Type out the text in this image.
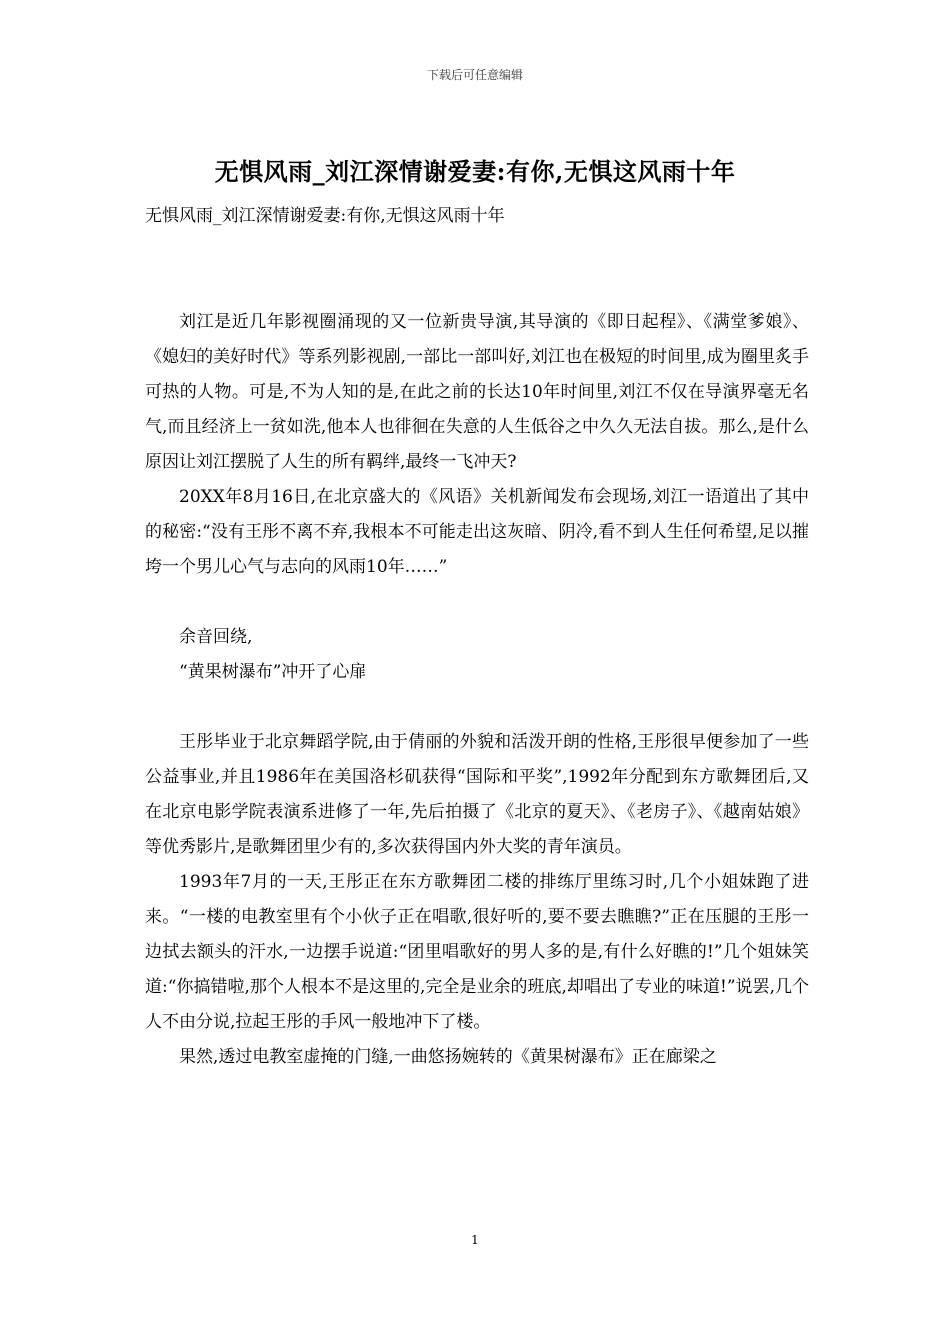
下载后可任意编辑
无惧风雨_刘江深情谢爱妻:有你,无惧这风雨十年
无惧风雨_刘江深情谢爱妻:有你,无惧这风雨十年

刘江是近几年影视圈涌现的又一位新贵导演,其导演的《即日起程》、《满堂爹娘》、《媳妇的美好时代》等系列影视剧,一部比一部叫好,刘江也在极短的时间里,成为圈里炙手可热的人物。可是,不为人知的是,在此之前的长达10年时间里,刘江不仅在导演界毫无名气,而且经济上一贫如洗,他本人也徘徊在失意的人生低谷之中久久无法自拔。那么,是什么原因让刘江摆脱了人生的所有羁绊,最终一飞冲天?

20XX年8月16日,在北京盛大的《风语》关机新闻发布会现场,刘江一语道出了其中的秘密:“没有王彤不离不弃,我根本不可能走出这灰暗、阴冷,看不到人生任何希望,足以摧垮一个男儿心气与志向的风雨10年……”

余音回绕,

“黄果树瀑布”冲开了心扉

王彤毕业于北京舞蹈学院,由于倩丽的外貌和活泼开朗的性格,王彤很早便参加了一些公益事业,并且1986年在美国洛杉矶获得“国际和平奖”,1992年分配到东方歌舞团后,又在北京电影学院表演系进修了一年,先后拍摄了《北京的夏天》、《老房子》、《越南姑娘》等优秀影片,是歌舞团里少有的,多次获得国内外大奖的青年演员。

1993年7月的一天,王彤正在东方歌舞团二楼的排练厅里练习时,几个小姐妹跑了进来。“一楼的电教室里有个小伙子正在唱歌,很好听的,要不要去瞧瞧?”正在压腿的王彤一边拭去额头的汗水,一边摆手说道:“团里唱歌好的男人多的是,有什么好瞧的!”几个姐妹笑道:“你搞错啦,那个人根本不是这里的,完全是业余的班底,却唱出了专业的味道!”说罢,几个人不由分说,拉起王彤的手风一般地冲下了楼。

果然,透过电教室虚掩的门缝,一曲悠扬婉转的《黄果树瀑布》正在廊梁之

1
